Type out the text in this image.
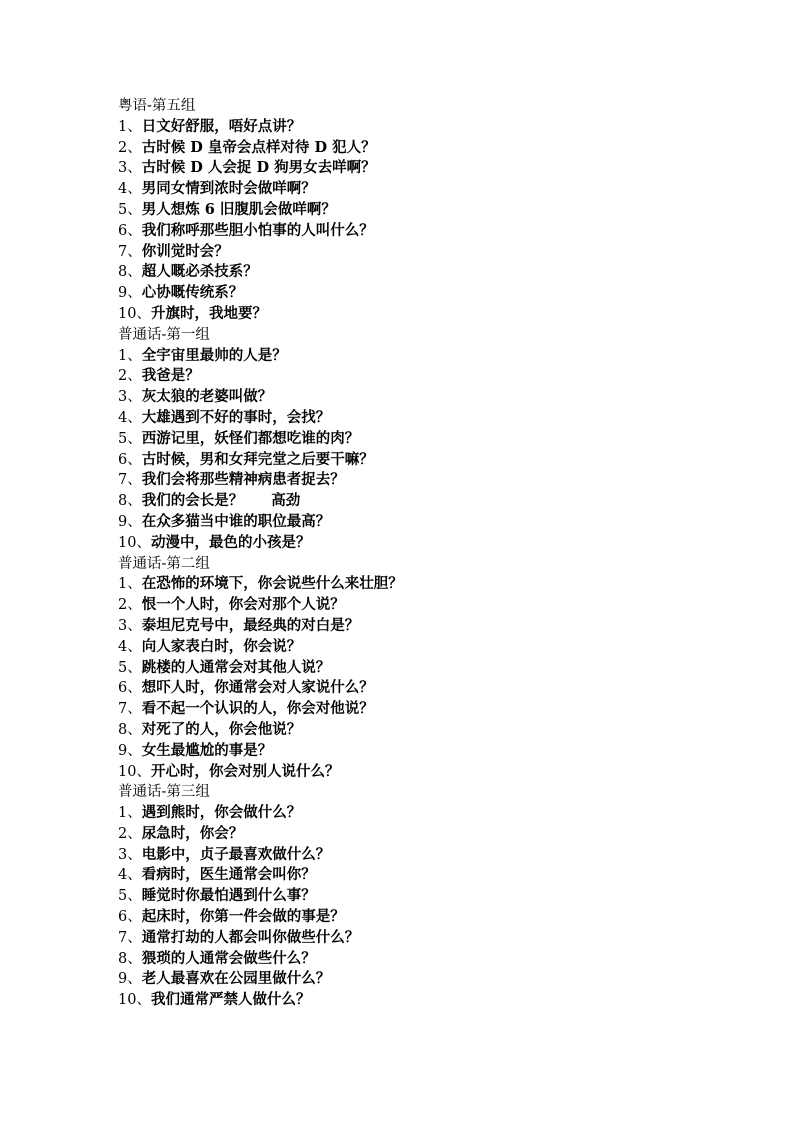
粤语-第五组
1、日文好舒服，唔好点讲？
2、古时候 D 皇帝会点样对待 D 犯人？
3、古时候 D 人会捉 D 狗男女去咩啊？
4、男同女情到浓时会做咩啊？
5、男人想炼 6 旧腹肌会做咩啊？
6、我们称呼那些胆小怕事的人叫什么？
7、你训觉时会？
8、超人嘅必杀技系？
9、心协嘅传统系？
10、升旗时，我地要？
普通话-第一组
1、全宇宙里最帅的人是？
2、我爸是？
3、灰太狼的老婆叫做？
4、大雄遇到不好的事时，会找？
5、西游记里，妖怪们都想吃谁的肉？
6、古时候，男和女拜完堂之后要干嘛？
7、我们会将那些精神病患者捉去？
8、我们的会长是？ 高劲
9、在众多猫当中谁的职位最高？
10、动漫中，最色的小孩是？
普通话-第二组
1、在恐怖的环境下，你会说些什么来壮胆？
2、恨一个人时，你会对那个人说？
3、泰坦尼克号中，最经典的对白是？
4、向人家表白时，你会说？
5、跳楼的人通常会对其他人说？
6、想吓人时，你通常会对人家说什么？
7、看不起一个认识的人，你会对他说？
8、对死了的人，你会他说？
9、女生最尴尬的事是？
10、开心时，你会对别人说什么？
普通话-第三组
1、遇到熊时，你会做什么？
2、尿急时，你会？
3、电影中，贞子最喜欢做什么？
4、看病时，医生通常会叫你？
5、睡觉时你最怕遇到什么事？
6、起床时，你第一件会做的事是？
7、通常打劫的人都会叫你做些什么？
8、猥琐的人通常会做些什么？
9、老人最喜欢在公园里做什么？
10、我们通常严禁人做什么？
